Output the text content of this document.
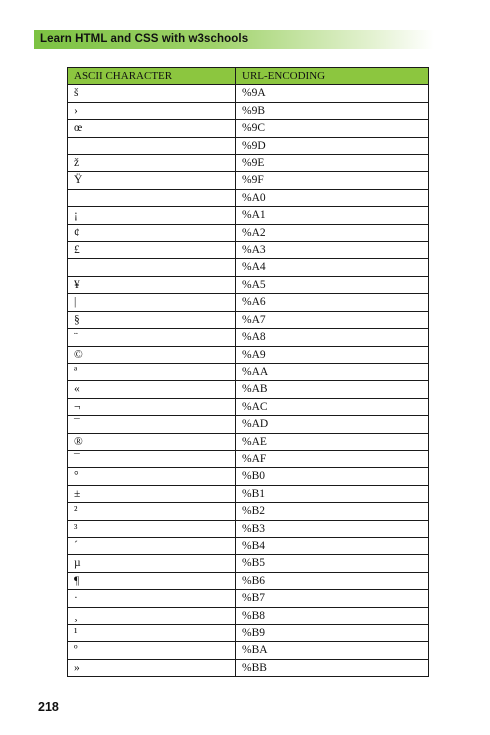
Learn HTML and CSS with w3schools
ASCII CHARACTER	URL-ENCODING
š	%9A
›	%9B
œ	%9C
	%9D
ž	%9E
Ÿ	%9F
	%A0
¡	%A1
¢	%A2
£	%A3
	%A4
¥	%A5
|	%A6
§	%A7
¨	%A8
©	%A9
ª	%AA
«	%AB
¬	%AC
¯	%AD
®	%AE
¯	%AF
°	%B0
±	%B1
²	%B2
³	%B3
´	%B4
µ	%B5
¶	%B6
·	%B7
¸	%B8
¹	%B9
º	%BA
»	%BB
218
